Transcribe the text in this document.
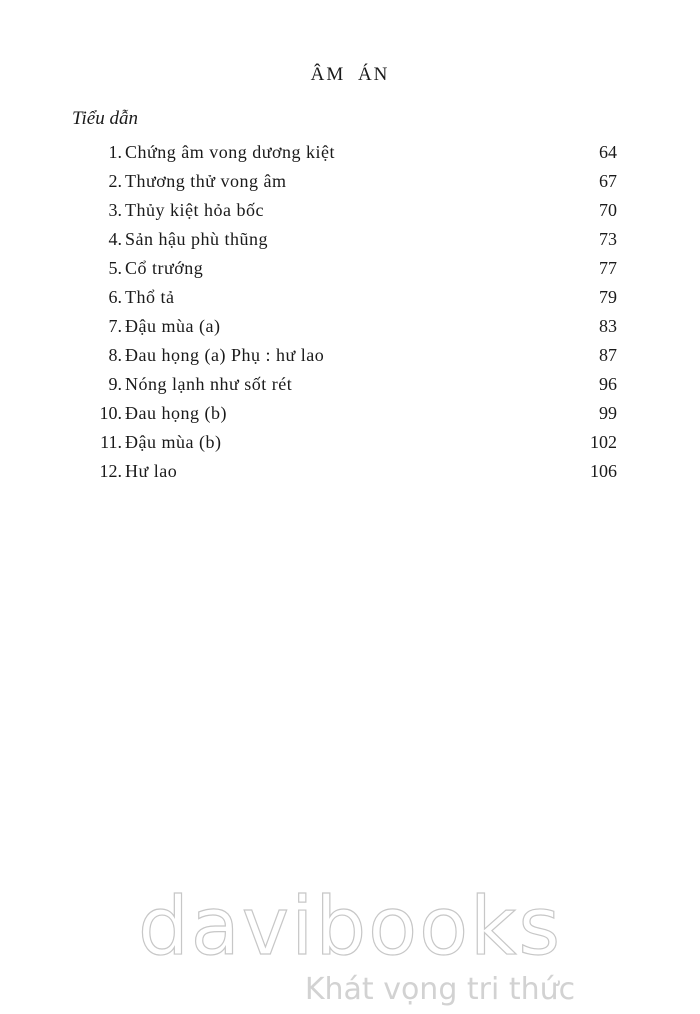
ÂM ÁN
Tiểu dẫn
1. Chứng âm vong dương kiệt	64
2. Thương thử vong âm	67
3. Thủy kiệt hỏa bốc	70
4. Sản hậu phù thũng	73
5. Cổ trướng	77
6. Thổ tả	79
7. Đậu mùa (a)	83
8. Đau họng (a) Phụ : hư lao	87
9. Nóng lạnh như sốt rét	96
10. Đau họng (b)	99
11. Đậu mùa (b)	102
12. Hư lao	106
davibooks
Khát vọng tri thức
